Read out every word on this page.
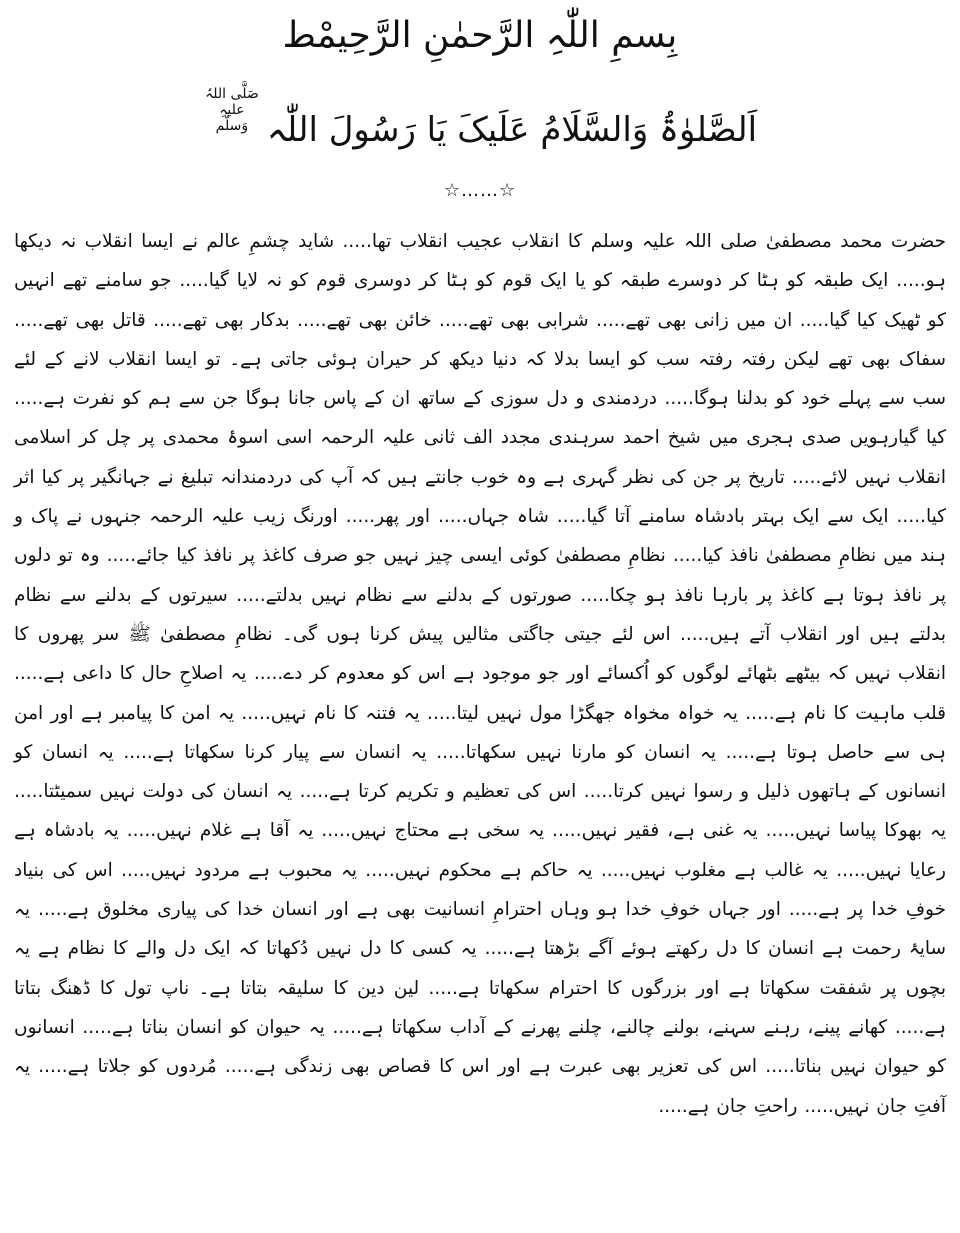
بِسمِ اللّٰہِ الرَّحمٰنِ الرَّحِیمْط
اَلصَّلوٰۃُ وَالسَّلَامُ عَلَیکَ یَا رَسُولَ اللّٰہصَلَّی اللہُ علیہِ وَسلَّم
☆……☆

حضرت محمد مصطفیٰ صلی اللہ علیہ وسلم کا انقلاب عجیب انقلاب تھا..... شاید چشمِ عالم نے ایسا انقلاب نہ دیکھا ہو..... ایک طبقہ کو ہٹا کر دوسرے طبقہ کو یا ایک قوم کو ہٹا کر دوسری قوم کو نہ لایا گیا..... جو سامنے تھے انہیں کو ٹھیک کیا گیا..... ان میں زانی بھی تھے..... شرابی بھی تھے..... خائن بھی تھے..... بدکار بھی تھے..... قاتل بھی تھے..... سفاک بھی تھے لیکن رفتہ رفتہ سب کو ایسا بدلا کہ دنیا دیکھ کر حیران ہوئی جاتی ہے۔ تو ایسا انقلاب لانے کے لئے سب سے پہلے خود کو بدلنا ہوگا..... دردمندی و دل سوزی کے ساتھ ان کے پاس جانا ہوگا جن سے ہم کو نفرت ہے..... کیا گیارہویں صدی ہجری میں شیخ احمد سرہندی مجدد الف ثانی علیہ الرحمہ اسی اسوۂ محمدی پر چل کر اسلامی انقلاب نہیں لائے..... تاریخ پر جن کی نظر گہری ہے وہ خوب جانتے ہیں کہ آپ کی دردمندانہ تبلیغ نے جہانگیر پر کیا اثر کیا..... ایک سے ایک بہتر بادشاہ سامنے آتا گیا..... شاہ جہاں..... اور پھر..... اورنگ زیب علیہ الرحمہ جنہوں نے پاک و ہند میں نظامِ مصطفیٰ نافذ کیا..... نظامِ مصطفیٰ کوئی ایسی چیز نہیں جو صرف کاغذ پر نافذ کیا جائے..... وہ تو دلوں پر نافذ ہوتا ہے کاغذ پر بارہا نافذ ہو چکا..... صورتوں کے بدلنے سے نظام نہیں بدلتے..... سیرتوں کے بدلنے سے نظام بدلتے ہیں اور انقلاب آتے ہیں..... اس لئے جیتی جاگتی مثالیں پیش کرنا ہوں گی۔ نظامِ مصطفیٰ ﷺ سر پھروں کا انقلاب نہیں کہ بیٹھے بٹھائے لوگوں کو اُکسائے اور جو موجود ہے اس کو معدوم کر دے..... یہ اصلاحِ حال کا داعی ہے..... قلب ماہیت کا نام ہے..... یہ خواہ مخواہ جھگڑا مول نہیں لیتا..... یہ فتنہ کا نام نہیں..... یہ امن کا پیامبر ہے اور امن ہی سے حاصل ہوتا ہے..... یہ انسان کو مارنا نہیں سکھاتا..... یہ انسان سے پیار کرنا سکھاتا ہے..... یہ انسان کو انسانوں کے ہاتھوں ذلیل و رسوا نہیں کرتا..... اس کی تعظیم و تکریم کرتا ہے..... یہ انسان کی دولت نہیں سمیٹتا..... یہ بھوکا پیاسا نہیں..... یہ غنی ہے، فقیر نہیں..... یہ سخی ہے محتاج نہیں..... یہ آقا ہے غلام نہیں..... یہ بادشاہ ہے رعایا نہیں..... یہ غالب ہے مغلوب نہیں..... یہ حاکم ہے محکوم نہیں..... یہ محبوب ہے مردود نہیں..... اس کی بنیاد خوفِ خدا پر ہے..... اور جہاں خوفِ خدا ہو وہاں احترامِ انسانیت بھی ہے اور انسان خدا کی پیاری مخلوق ہے..... یہ سایۂ رحمت ہے انسان کا دل رکھتے ہوئے آگے بڑھتا ہے..... یہ کسی کا دل نہیں دُکھاتا کہ ایک دل والے کا نظام ہے یہ بچوں پر شفقت سکھاتا ہے اور بزرگوں کا احترام سکھاتا ہے..... لین دین کا سلیقہ بتاتا ہے۔ ناپ تول کا ڈھنگ بتاتا ہے..... کھانے پینے، رہنے سہنے، بولنے چالنے، چلنے پھرنے کے آداب سکھاتا ہے..... یہ حیوان کو انسان بناتا ہے..... انسانوں کو حیوان نہیں بناتا..... اس کی تعزیر بھی عبرت ہے اور اس کا قصاص بھی زندگی ہے..... مُردوں کو جلاتا ہے..... یہ آفتِ جان نہیں..... راحتِ جان ہے.....
